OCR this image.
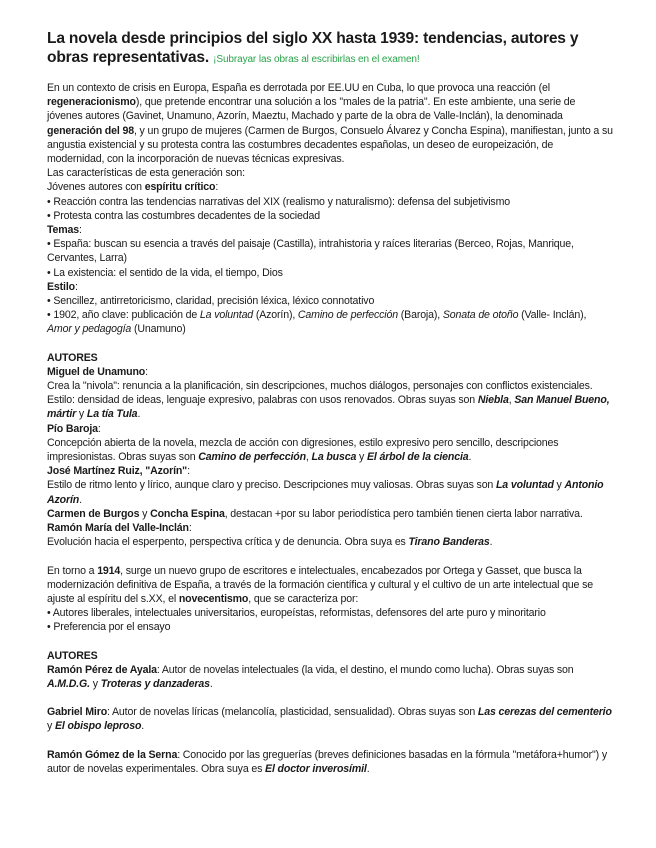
La novela desde principios del siglo XX hasta 1939: tendencias, autores y obras representativas. ¡Subrayar las obras al escribirlas en el examen!

En un contexto de crisis en Europa, España es derrotada por EE.UU en Cuba, lo que provoca una reacción (el regeneracionismo), que pretende encontrar una solución a los "males de la patria". En este ambiente, una serie de jóvenes autores (Gavinet, Unamuno, Azorín, Maeztu, Machado y parte de la obra de Valle-Inclán), la denominada generación del 98, y un grupo de mujeres (Carmen de Burgos, Consuelo Álvarez y Concha Espina), manifiestan, junto a su angustia existencial y su protesta contra las costumbres decadentes españolas, un deseo de europeización, de modernidad, con la incorporación de nuevas técnicas expresivas.

Las características de esta generación son:

Jóvenes autores con espíritu crítico:

• Reacción contra las tendencias narrativas del XIX (realismo y naturalismo): defensa del subjetivismo

• Protesta contra las costumbres decadentes de la sociedad

Temas:

• España: buscan su esencia a través del paisaje (Castilla), intrahistoria y raíces literarias (Berceo, Rojas, Manrique, Cervantes, Larra)

• La existencia: el sentido de la vida, el tiempo, Dios

Estilo:

• Sencillez, antirretoricismo, claridad, precisión léxica, léxico connotativo

• 1902, año clave: publicación de La voluntad (Azorín), Camino de perfección (Baroja), Sonata de otoño (Valle- Inclán), Amor y pedagogía (Unamuno)

AUTORES

Miguel de Unamuno:

Crea la "nivola": renuncia a la planificación, sin descripciones, muchos diálogos, personajes con conflictos existenciales. Estilo: densidad de ideas, lenguaje expresivo, palabras con usos renovados. Obras suyas son Niebla, San Manuel Bueno, mártir y La tía Tula.

Pío Baroja:

Concepción abierta de la novela, mezcla de acción con digresiones, estilo expresivo pero sencillo, descripciones impresionistas. Obras suyas son Camino de perfección, La busca y El árbol de la ciencia.

José Martínez Ruiz, "Azorín":

Estilo de ritmo lento y lírico, aunque claro y preciso. Descripciones muy valiosas. Obras suyas son La voluntad y Antonio Azorín.

Carmen de Burgos y Concha Espina, destacan +por su labor periodística pero también tienen cierta labor narrativa.

Ramón María del Valle-Inclán:

Evolución hacia el esperpento, perspectiva crítica y de denuncia. Obra suya es Tirano Banderas.

En torno a 1914, surge un nuevo grupo de escritores e intelectuales, encabezados por Ortega y Gasset, que busca la modernización definitiva de España, a través de la formación científica y cultural y el cultivo de un arte intelectual que se ajuste al espíritu del s.XX, el novecentismo, que se caracteriza por:

• Autores liberales, intelectuales universitarios, europeístas, reformistas, defensores del arte puro y minoritario

• Preferencia por el ensayo

AUTORES

Ramón Pérez de Ayala: Autor de novelas intelectuales (la vida, el destino, el mundo como lucha). Obras suyas son A.M.D.G. y Troteras y danzaderas.

Gabriel Miro: Autor de novelas líricas (melancolía, plasticidad, sensualidad). Obras suyas son Las cerezas del cementerio y El obispo leproso.

Ramón Gómez de la Serna: Conocido por las greguerías (breves definiciones basadas en la fórmula "metáfora+humor") y autor de novelas experimentales. Obra suya es El doctor inverosímil.
